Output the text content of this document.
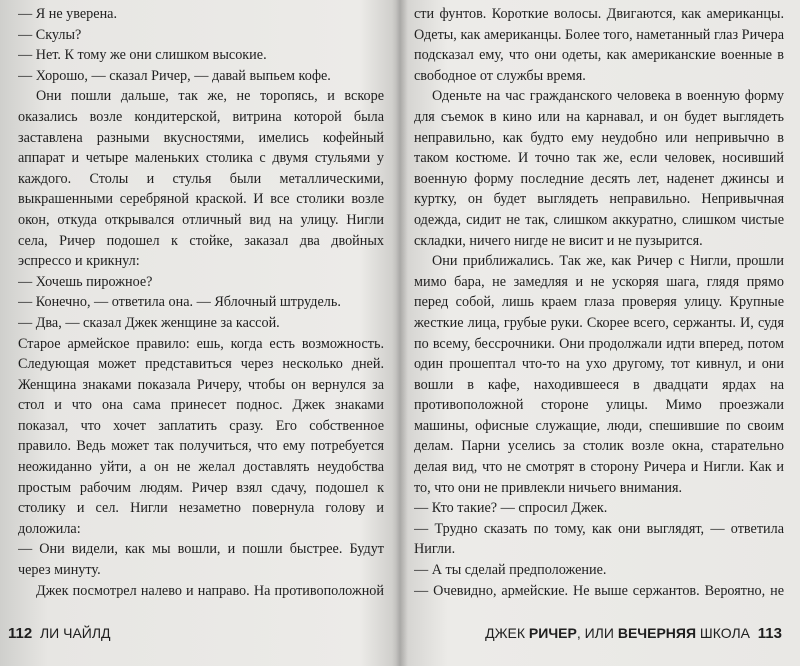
— Я не уверена.

— Скулы?

— Нет. К тому же они слишком высокие.

— Хорошо, — сказал Ричер, — давай выпьем кофе.

Они пошли дальше, так же, не торопясь, и вскоре оказались возле кондитерской, витрина которой была заставлена разными вкусностями, имелись кофейный аппарат и четыре маленьких столика с двумя стульями у каждого. Столы и стулья были металлическими, выкрашенными серебряной краской. И все столики возле окон, откуда открывался отличный вид на улицу. Нигли села, Ричер подошел к стойке, заказал два двойных эспрессо и крикнул:

— Хочешь пирожное?

— Конечно, — ответила она. — Яблочный штрудель.

— Два, — сказал Джек женщине за кассой.

Старое армейское правило: ешь, когда есть возможность. Следующая может представиться через несколько дней. Женщина знаками показала Ричеру, чтобы он вернулся за стол и что она сама принесет поднос. Джек знаками показал, что хочет заплатить сразу. Его собственное правило. Ведь может так получиться, что ему потребуется неожиданно уйти, а он не желал доставлять неудобства простым рабочим людям. Ричер взял сдачу, подошел к столику и сел. Нигли незаметно повернула голову и доложила:

— Они видели, как мы вошли, и пошли быстрее. Будут через минуту.

Джек посмотрел налево и направо. На противоположной

сти фунтов. Короткие волосы. Двигаются, как американцы. Одеты, как американцы. Более того, наметанный глаз Ричера подсказал ему, что они одеты, как американские военные в свободное от службы время.

Оденьте на час гражданского человека в военную форму для съемок в кино или на карнавал, и он будет выглядеть неправильно, как будто ему неудобно или непривычно в таком костюме. И точно так же, если человек, носивший военную форму последние десять лет, наденет джинсы и куртку, он будет выглядеть неправильно. Непривычная одежда, сидит не так, слишком аккуратно, слишком чистые складки, ничего нигде не висит и не пузырится.

Они приближались. Так же, как Ричер с Нигли, прошли мимо бара, не замедляя и не ускоряя шага, глядя прямо перед собой, лишь краем глаза проверяя улицу. Крупные жесткие лица, грубые руки. Скорее всего, сержанты. И, судя по всему, бессрочники. Они продолжали идти вперед, потом один прошептал что-то на ухо другому, тот кивнул, и они вошли в кафе, находившееся в двадцати ярдах на противоположной стороне улицы. Мимо проезжали машины, офисные служащие, люди, спешившие по своим делам. Парни уселись за столик возле окна, старательно делая вид, что не смотрят в сторону Ричера и Нигли. Как и то, что они не привлекли ничьего внимания.

— Кто такие? — спросил Джек.

— Трудно сказать по тому, как они выглядят, — ответила Нигли.

— А ты сделай предположение.

— Очевидно, армейские. Не выше сержантов. Вероятно, не

112 ЛИ ЧАЙЛД	ДЖЕК РИЧЕР, ИЛИ ВЕЧЕРНЯЯ ШКОЛА 113
